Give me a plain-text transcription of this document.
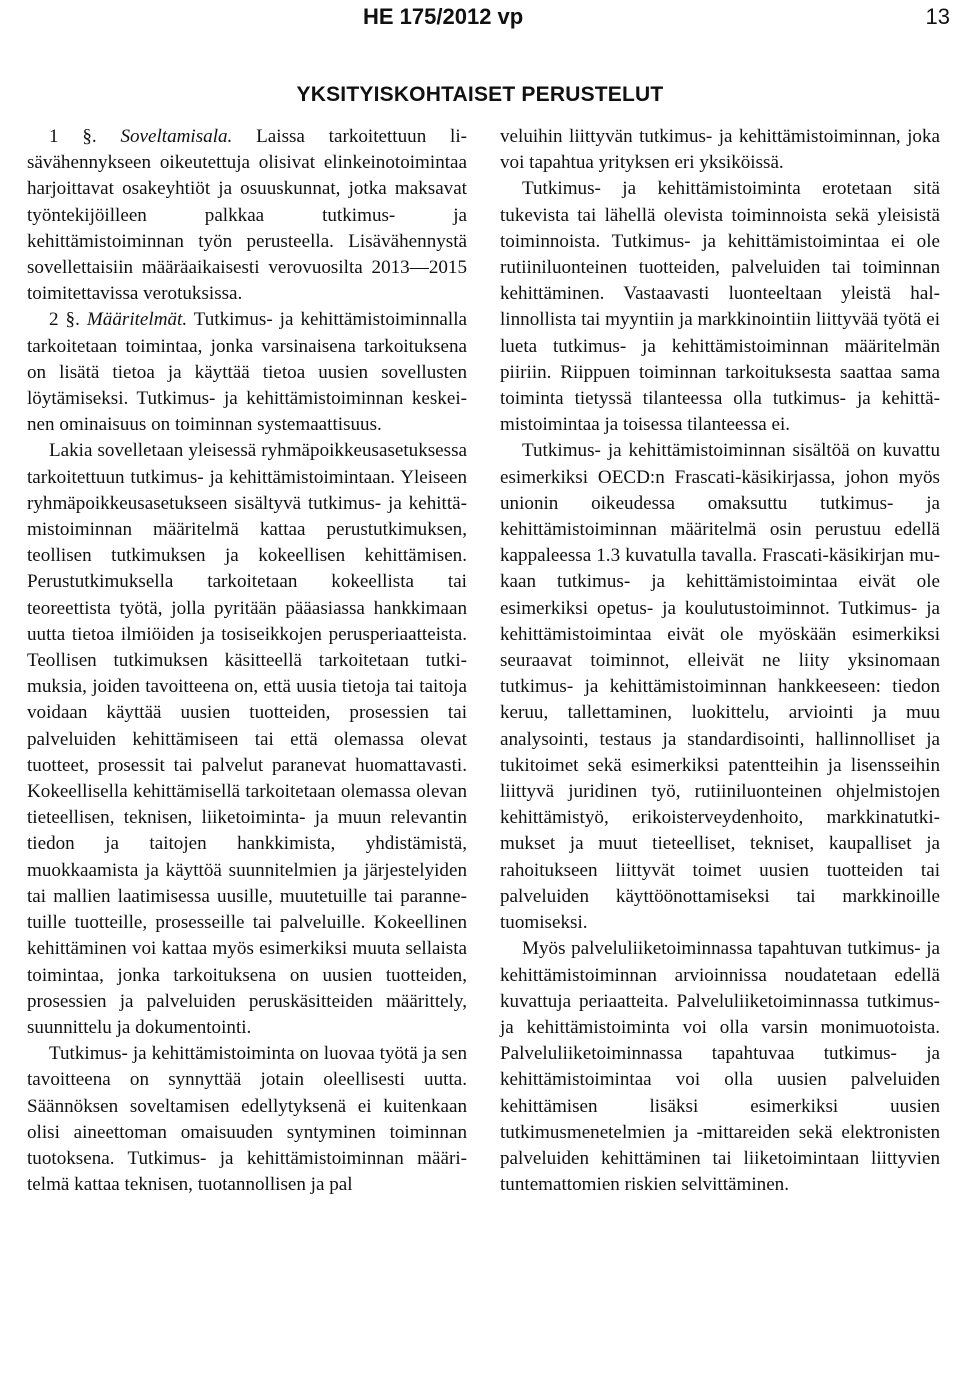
HE 175/2012 vp	13
YKSITYISKOHTAISET PERUSTELUT

1 §. Soveltamisala. Laissa tarkoitettuun lisävähennykseen oikeutettuja olisivat elinkeinotoimintaa harjoittavat osakeyhtiöt ja osuuskunnat, jotka maksavat työntekijöilleen palkkaa tutkimus- ja kehittämistoiminnan työn perusteella. Lisävähennystä sovellettaisiin määräaikaisesti verovuosilta 2013—2015 toimitettavissa verotuksissa.

2 §. Määritelmät. Tutkimus- ja kehittämistoiminnalla tarkoitetaan toimintaa, jonka varsinaisena tarkoituksena on lisätä tietoa ja käyttää tietoa uusien sovellusten löytämiseksi. Tutkimus- ja kehittämistoiminnan keskeinen ominaisuus on toiminnan systemaattisuus.

Lakia sovelletaan yleisessä ryhmäpoikkeusasetuksessa tarkoitettuun tutkimus- ja kehittämistoimintaan. Yleiseen ryhmäpoikkeusasetukseen sisältyvä tutkimus- ja kehittämistoiminnan määritelmä kattaa perustutkimuksen, teollisen tutkimuksen ja kokeellisen kehittämisen. Perustutkimuksella tarkoitetaan kokeellista tai teoreettista työtä, jolla pyritään pääasiassa hankkimaan uutta tietoa ilmiöiden ja tosiseikkojen perusperiaatteista. Teollisen tutkimuksen käsitteellä tarkoitetaan tutkimuksia, joiden tavoitteena on, että uusia tietoja tai taitoja voidaan käyttää uusien tuotteiden, prosessien tai palveluiden kehittämiseen tai että olemassa olevat tuotteet, prosessit tai palvelut paranevat huomattavasti. Kokeellisella kehittämisellä tarkoitetaan olemassa olevan tieteellisen, teknisen, liiketoiminta- ja muun relevantin tiedon ja taitojen hankkimista, yhdistämistä, muokkaamista ja käyttöä suunnitelmien ja järjestelyiden tai mallien laatimisessa uusille, muutetuille tai parannetuille tuotteille, prosesseille tai palveluille. Kokeellinen kehittäminen voi kattaa myös esimerkiksi muuta sellaista toimintaa, jonka tarkoituksena on uusien tuotteiden, prosessien ja palveluiden peruskäsitteiden määrittely, suunnittelu ja dokumentointi.

Tutkimus- ja kehittämistoiminta on luovaa työtä ja sen tavoitteena on synnyttää jotain oleellisesti uutta. Säännöksen soveltamisen edellytyksenä ei kuitenkaan olisi aineettoman omaisuuden syntyminen toiminnan tuotoksena. Tutkimus- ja kehittämistoiminnan määritelmä kattaa teknisen, tuotannollisen ja pal

veluihin liittyvän tutkimus- ja kehittämistoiminnan, joka voi tapahtua yrityksen eri yksiköissä.

Tutkimus- ja kehittämistoiminta erotetaan sitä tukevista tai lähellä olevista toiminnoista sekä yleisistä toiminnoista. Tutkimus- ja kehittämistoimintaa ei ole rutiiniluonteinen tuotteiden, palveluiden tai toiminnan kehittäminen. Vastaavasti luonteeltaan yleistä hallinnollista tai myyntiin ja markkinointiin liittyvää työtä ei lueta tutkimus- ja kehittämistoiminnan määritelmän piiriin. Riippuen toiminnan tarkoituksesta saattaa sama toiminta tietyssä tilanteessa olla tutkimus- ja kehittämistoimintaa ja toisessa tilanteessa ei.

Tutkimus- ja kehittämistoiminnan sisältöä on kuvattu esimerkiksi OECD:n Frascati-käsikirjassa, johon myös unionin oikeudessa omaksuttu tutkimus- ja kehittämistoiminnan määritelmä osin perustuu edellä kappaleessa 1.3 kuvatulla tavalla. Frascati-käsikirjan mukaan tutkimus- ja kehittämistoimintaa eivät ole esimerkiksi opetus- ja koulutustoiminnot. Tutkimus- ja kehittämistoimintaa eivät ole myöskään esimerkiksi seuraavat toiminnot, elleivät ne liity yksinomaan tutkimus- ja kehittämistoiminnan hankkeeseen: tiedon keruu, tallettaminen, luokittelu, arviointi ja muu analysointi, testaus ja standardisointi, hallinnolliset ja tukitoimet sekä esimerkiksi patentteihin ja lisensseihin liittyvä juridinen työ, rutiiniluonteinen ohjelmistojen kehittämistyö, erikoisterveydenhoito, markkinatutkimukset ja muut tieteelliset, tekniset, kaupalliset ja rahoitukseen liittyvät toimet uusien tuotteiden tai palveluiden käyttöönottamiseksi tai markkinoille tuomiseksi.

Myös palveluliiketoiminnassa tapahtuvan tutkimus- ja kehittämistoiminnan arvioinnissa noudatetaan edellä kuvattuja periaatteita. Palveluliiketoiminnassa tutkimus- ja kehittämistoiminta voi olla varsin monimuotoista. Palveluliiketoiminnassa tapahtuvaa tutkimus- ja kehittämistoimintaa voi olla uusien palveluiden kehittämisen lisäksi esimerkiksi uusien tutkimusmenetelmien ja -mittareiden sekä elektronisten palveluiden kehittäminen tai liiketoimintaan liittyvien tuntemattomien riskien selvittäminen.
